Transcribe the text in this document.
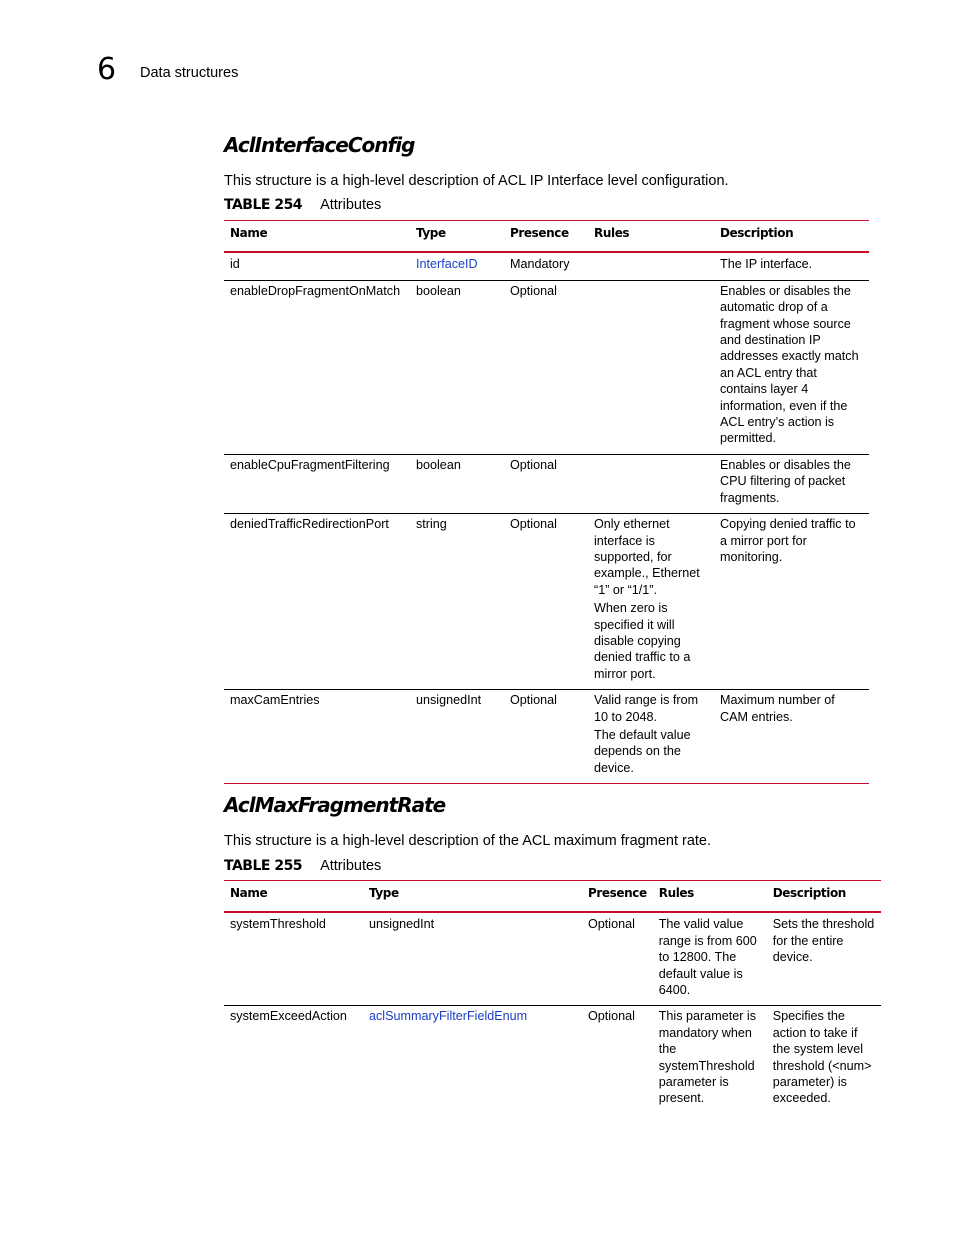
6 Data structures
AclInterfaceConfig

This structure is a high-level description of ACL IP Interface level configuration.

TABLE 254 Attributes
Name	Type	Presence	Rules	Description
id	InterfaceID	Mandatory		The IP interface.
enableDropFragmentOnMatch	boolean	Optional		Enables or disables the automatic drop of a fragment whose source and destination IP addresses exactly match an ACL entry that contains layer 4 information, even if the ACL entry’s action is permitted.
enableCpuFragmentFiltering	boolean	Optional		Enables or disables the CPU filtering of packet fragments.
deniedTrafficRedirectionPort	string	Optional	Only ethernet interface is supported, for example., Ethernet “1” or “1/1”.
When zero is specified it will disable copying denied traffic to a mirror port.	Copying denied traffic to a mirror port for monitoring.
maxCamEntries	unsignedInt	Optional	Valid range is from 10 to 2048.
The default value depends on the device.	Maximum number of CAM entries.
AclMaxFragmentRate

This structure is a high-level description of the ACL maximum fragment rate.

TABLE 255 Attributes
Name	Type	Presence	Rules	Description
systemThreshold	unsignedInt	Optional	The valid value range is from 600 to 12800. The default value is 6400.	Sets the threshold for the entire device.
systemExceedAction	aclSummaryFilterFieldEnum	Optional	This parameter is mandatory when the systemThreshold parameter is present.	Specifies the action to take if the system level threshold (<num> parameter) is exceeded.
